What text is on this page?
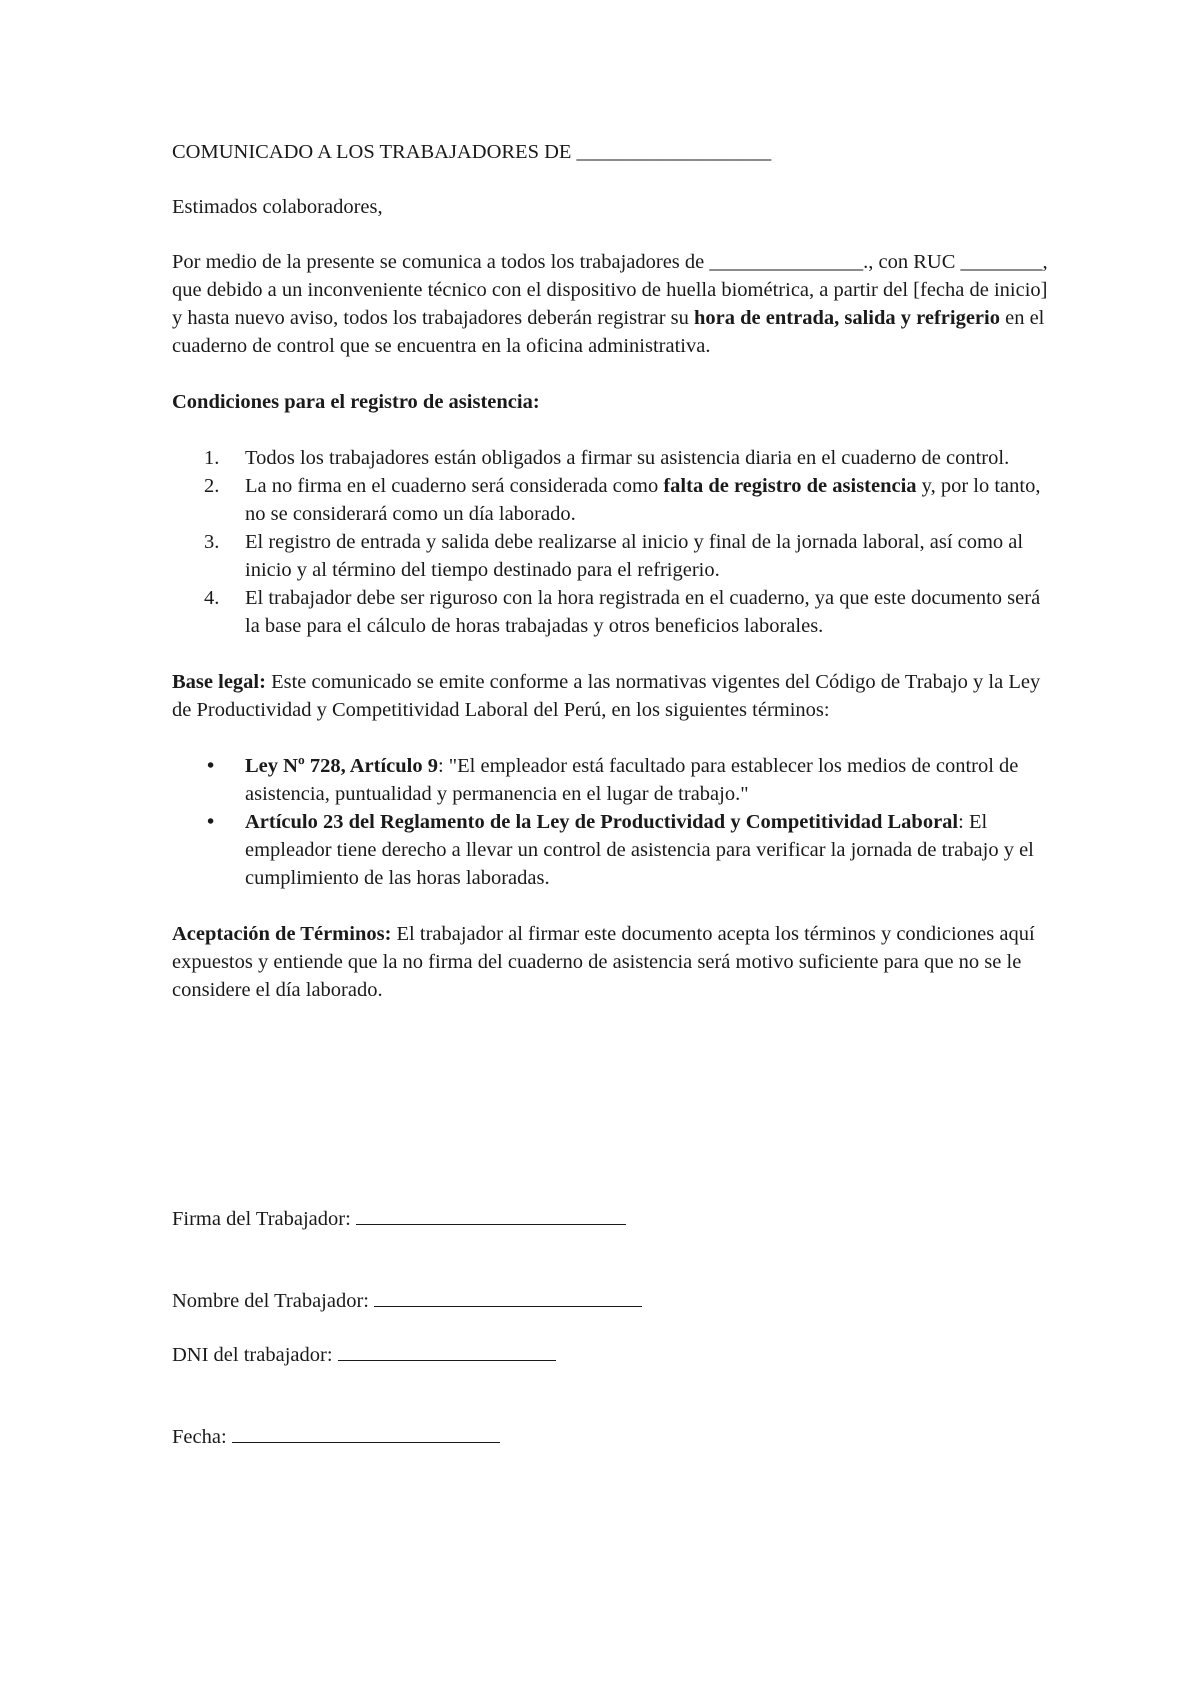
COMUNICADO A LOS TRABAJADORES DE ___________________

Estimados colaboradores,

Por medio de la presente se comunica a todos los trabajadores de _______________., con RUC ________, que debido a un inconveniente técnico con el dispositivo de huella biométrica, a partir del [fecha de inicio] y hasta nuevo aviso, todos los trabajadores deberán registrar su hora de entrada, salida y refrigerio en el cuaderno de control que se encuentra en la oficina administrativa.

Condiciones para el registro de asistencia:

1. Todos los trabajadores están obligados a firmar su asistencia diaria en el cuaderno de control.
2. La no firma en el cuaderno será considerada como falta de registro de asistencia y, por lo tanto, no se considerará como un día laborado.
3. El registro de entrada y salida debe realizarse al inicio y final de la jornada laboral, así como al inicio y al término del tiempo destinado para el refrigerio.
4. El trabajador debe ser riguroso con la hora registrada en el cuaderno, ya que este documento será la base para el cálculo de horas trabajadas y otros beneficios laborales.

Base legal: Este comunicado se emite conforme a las normativas vigentes del Código de Trabajo y la Ley de Productividad y Competitividad Laboral del Perú, en los siguientes términos:

• Ley Nº 728, Artículo 9: "El empleador está facultado para establecer los medios de control de asistencia, puntualidad y permanencia en el lugar de trabajo."
• Artículo 23 del Reglamento de la Ley de Productividad y Competitividad Laboral: El empleador tiene derecho a llevar un control de asistencia para verificar la jornada de trabajo y el cumplimiento de las horas laboradas.

Aceptación de Términos: El trabajador al firmar este documento acepta los términos y condiciones aquí expuestos y entiende que la no firma del cuaderno de asistencia será motivo suficiente para que no se le considere el día laborado.

Firma del Trabajador:
Nombre del Trabajador:
DNI del trabajador:
Fecha:
